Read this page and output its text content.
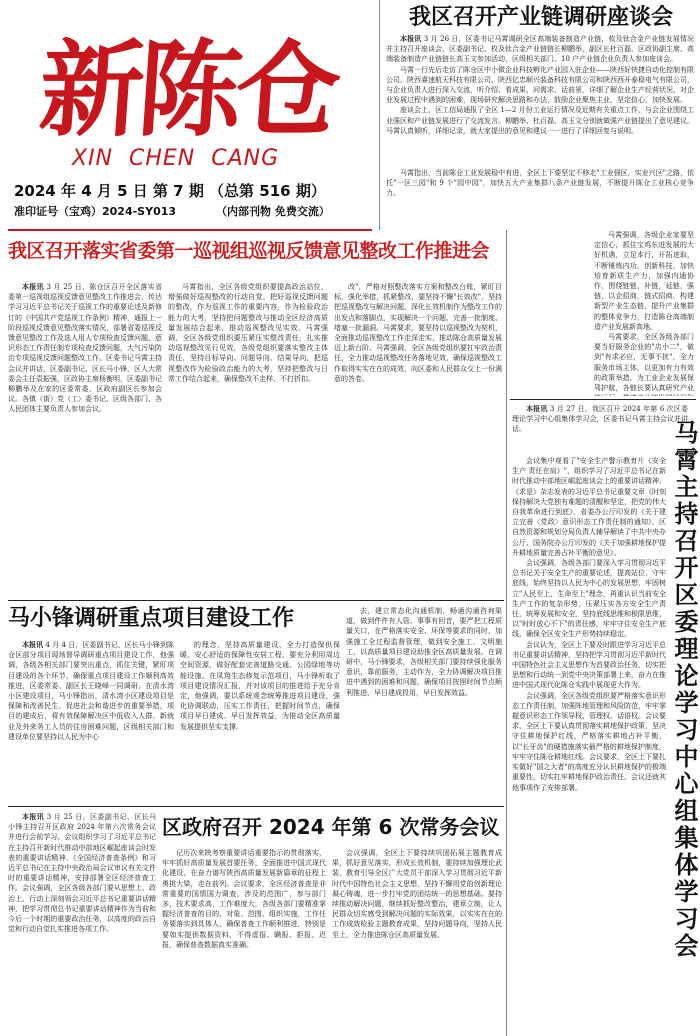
新陈仓
XIN  CHEN  CANG
2024 年 4 月 5 日 第 7 期 （总第 516 期）
准印证号（宝鸡）2024-SY013	（内部刊物 免费交流）
我区召开产业链调研座谈会

本报讯 3 月 26 日，区委书记马霄调研全区高端装备制造产业链，枚及钛合金产业链发展情况并主持召开座谈会，区委副书记、枚及钛合金产业链链长柳鹏举，副区长杜百磊，区政协副主席、高端装备制造产业链链长高玉文参加活动，区级相关部门、10 户产业链企业负责人参加座谈会。

马霄一行先后走访了陈仓区中小微企业科技孵化产业园入驻企业——陕西好快捷自动化控制有限公司、陕西睿速航天科技有限公司、陕西亿忠顺兴装备科技有限公司和陕西西开泰稳电气有限公司，与企业负责人进行深入交流，听介绍、看成果、问需求、话前景，详细了解企业生产经营状况，对企业发展过程中遇到的困难，现场研究解决思路和办法，鼓励企业聚焦主业，坚定信心，加快发展。

座谈会上，区工信局通报了全区 1—2 月份工业运行情况及近期有关重点工作，与会企业围绕工业强区和产业链发展进行了交流发言。柳鹏举、杜百磊、高玉文分别就做强产业链提出了意见建议。马霄认真倾听，详细记录，就大家提出的意见和建议一一进行了详细回复与说明。

马霄指出，当前陈仓工业发展稳中有进，全区上下要坚定不移走"工业强区，实业兴区"之路，依托"一区三园"和 9 个"园中园"，加快五大产业集群八条产业链发展，不断提升陈仓工业核心竞争力。

马霄强调，各级企业家要坚定信心，抓住宝鸡东进发展的大好机遇，立足本行，开拓进取，不断锤炼内功，创新科技，加快培育新质生产力，加强内通协作，围绕链链，补链，延链，强链，以企招商，链式招商，构建新型产业生态链，提升产业集群的整体竞争力，打造陈仓高端制造产业发展新高地。

马霄要求，全区各级各部门要当好服务企业的"店小二"，做到"有求必应，无事不扰"，全力服务市场主体，以更加有力有效的政策举措，为工业企业发展保驾护航，各链长要认真研究产业

我区召开落实省委第一巡视组巡视反馈意见整改工作推进会

本报讯 3 月 25 日，陈仓区召开全区落实省委第一巡视组巡视反馈意见整改工作推进会，传达学习习近平总书记关于巡视工作的重要论述及新修订的《中国共产党巡视工作条例》精神，通报上一阶段巡视反馈意见整改落实情况，部署省委巡视反馈意见整改工作及选人用人专项检查反馈问题、意识形态工作责任制专项检查反馈问题，大气污染防治专项巡视反馈问题整改工作。区委书记马霄主持会议并讲话，区委副书记、区长马小锋，区人大常委会主任袁振强，区政协主席杨衡明，区委副书记柳鹏举及在家的区委常委、区政府副区长参加会议。各镇（街）党（工）委书记、区级各部门、各人民团体主要负责人参加会议。

马霄指出，全区各级党组织要提高政治站位，增强做好巡视整改的行动自觉，把好巡视反馈问题的整改，作为巡视工作的重要内容，作为检验政治能力的大考，坚持把问题整改与推动全区经济高质量发展结合起来，推动巡视整改见实效。马霄强调，全区各级党组织要压紧压实整改责任，扎实推动巡视整改见行见效，各级党组织要落实整改主体责任，坚持目标导向、问题导向、结果导向，把巡视整改作为检验政治能力的大考，坚持把整改与日常工作结合起来，确保整改不走样、不打折扣。

改"，严格对照整改落实方案和整改台账，紧盯目标，强化举措，抓紧整改，要坚持不懈"长效改"，坚持把巡视整改与解决问题、深化长效机制作为整改工作的出发点和落脚点，实现解决一个问题、完善一批制度、堵塞一批漏洞。马霄要求，要坚持以巡视整改为契机，全面推动巡视整改工作走深走实，推动陈仓高质量发展迈上新台阶。马霄强调，全区各级党组织要扛牢政治责任，全力推动巡视整改任务落地见效，确保巡视整改工作取得实实在在的成效，向区委和人民群众交上一份满意的答卷。

马小锋调研重点项目建设工作

本报讯 4 月 4 日，区委副书记、区长马小锋到陈仓区部分项目现场督导调研重点项目建设工作，他强调，各级各相关部门要突出重点，抓住关键，紧盯项目建设的各个环节，确保重点项目建设工作顺利高效推进，区委常委、副区长王晓峰一同调研。在清水湾小区建设项目，马小锋指出，清水湾小区建设项目是保障和改善民生、促进社会和谐进步的重要举措，项目的建成后，将有效保障解决区中低收入人群、新就业及外来务工人员的住房困难问题，区级相关部门和建设单位要坚持以人民为中心

的理念，坚持高质量建设，全力打造保供保暖、安心舒适的保障性安居工程，要充分利用周边空间资源，做好配套完善道路交通、公园绿地等功能设施。在凤翔生态修复示范项目，马小锋听取了项目建设情况汇报，并对该项目的推进给予充分肯定，他强调，要以系统观念统筹推进项目建设，强化协调联动，压实工作责任，把握时间节点，确保项目早日建成、早日发挥效益，为推动全区高质量发展提供坚实支撑。

去，建立常态化沟通机制，畅通沟通咨询渠道，做到件件有人管、事事有回音，要严把工程质量关口，在严格落实安全、环保等要求的同时，加强施工全过程监督管理，做到安全施工、文明施工，以高质量项目建设助推全区高质量发展。在调研中，马小锋要求，各级相关部门要持续强化服务意识，靠前服务，主动作为，全力协调解决项目推进中遇到的困难和问题，确保项目按照时间节点顺利推进，早日建成投用，早日发挥效益。

本报讯 3 月 25 日，区委副书记、区长马小锋主持召开区政府 2024 年第六次常务会议并进行会前学习。会议组织学习了习近平总书记在主持召开新时代推动中部地区崛起座谈会时发表的重要讲话精神、《全国经济普查条例》和习近平总书记在主持中央政治局会议审议有关文件时的重要讲话精神，安排部署全区经济普查工作。会议强调，全区各级各部门要从思想上、政治上、行动上深刻领会习近平总书记重要讲话精神，把学习贯彻总书记重要讲话精神作为当前和今后一个时期的重要政治任务，以高度的政治自觉和行动自觉扎实推进各项工作。

区政府召开 2024 年第 6 次常务会议

记历次来陕考察重要讲话重要指示的贯彻落实，牢牢抓好高质量发展首要任务，全面推进中国式现代化建设，在奋力谱写陕西高质量发展新篇章的征程上勇挑大梁，走在前列。会议要求，全区经济普查是非常重要的国情国力调查，涉及的范围广，参与部门多，技术要求高，工作难度大，各级各部门要精准掌握经济普查的目的、对象、范围、组织实施，工作任务要落实到具体人，确保普查工作顺利推进，特别是要如实提供数据资料，不得虚报、瞒报、拒报、迟报，确保普查数据真实准确。

会议强调，全区上下要持续巩固拓展主题教育成果，抓好意见落实，形成长效机制，要持续加强理论武装，教育引导全区广大党员干部深入学习贯彻习近平新时代中国特色社会主义思想，坚持不懈用党的创新理论凝心铸魂，进一步打牢党的团结统一的思想基础。要持续推动解决问题，继续抓好整改整治，建章立制，让人民群众切实感受到解决问题的实际效果，以实实在在的工作成效检验主题教育成果，坚持问题导向，坚持人民至上，全力推进陈仓区高质量发展。

本报讯 3 月 27 日，我区召开 2024 年第 6 次区委理论学习中心组集体学习会，区委书记马霄主持会议并讲话。

会议集中观看了"安全生产警示教育片《安全生产 责任在肩》"，组织学习了习近平总书记在新时代推动中部地区崛起座谈会上的重要讲话精神、《求是》杂志发表的习近平总书记重要文章《时刻保持解决大党独有难题的清醒和坚定，把党的伟大自我革命进行到底》，省委办公厅印发的《关于建立完善〈党政〉意识形态工作责任制的通知》，区自然资源和规划分局负责人辅导解读了中共中央办公厅、国务院办公厅印发的《关于加强耕地保护提升耕地质量完善占补平衡的意见》。

会议强调，各级各部门要深入学习贯彻习近平总书记关于安全生产的重要论述，提高站位，守牢底线，始终坚持以人民为中心的发展思想，牢固树立"人民至上，生命至上"理念，再重认识当前安全生产工作的复杂形势，压紧压实各方安全生产责任，统筹发展和安全，坚持底线思维和极限思维，以"时时放心不下"的责任感，牢牢守住安全生产底线，确保全区安全生产形势持续稳定。

会议认为，全区上下要及时跟进学习习近平总书记重要讲话精神，坚持把学习贯彻习近平新时代中国特色社会主义思想作为首要政治任务，切实把思想和行动统一到党中央决策部署上来，奋力在推进中国式现代化陈仓实践中展现更大作为。

会议强调，全区各级党组织要严格落实意识形态工作责任制，加强阵地管理和风险防范，牢牢掌握意识形态工作领导权、管理权、话语权。会议要求，全区上下要认真贯彻落实耕地保护政策，坚决守住耕地保护红线，严格落实耕地占补平衡，以"长牙齿"的硬措施落实最严格的耕地保护制度，牢牢守住陈仓耕地红线。会议要求，全区上下要扎实做好"国之大者"的高度充分认识耕地保护的极端重要性，切实扛牢耕地保护政治责任。会议还就其他事项作了安排部署。	马霄主持召开区委理论学习中心组集体学习会
